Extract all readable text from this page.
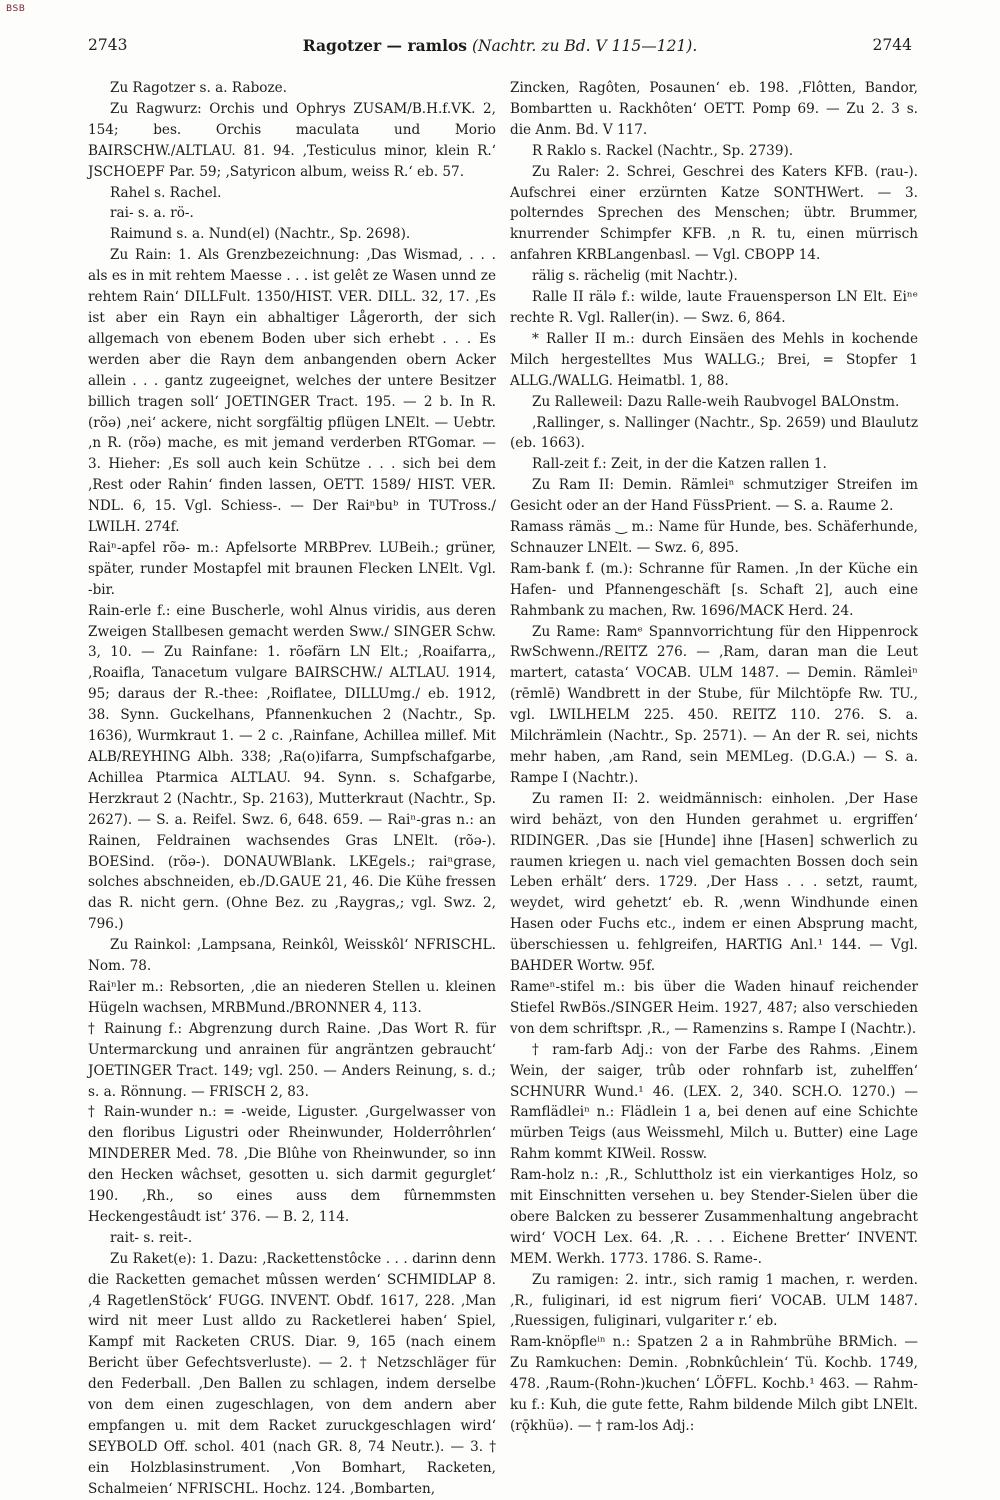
BSB
2743	Ragotzer — ramlos (Nachtr. zu Bd. V 115—121).	2744

Zu Ragotzer s. a. Raboze.

Zu Ragwurz: Orchis und Ophrys ZUSAM/B.H.f.VK. 2, 154; bes. Orchis maculata und Morio BAIRSCHW./ALTLAU. 81. 94. ‚Testiculus minor, klein R.‘ JSCHOEPF Par. 59; ‚Satyricon album, weiss R.‘ eb. 57.

Rahel s. Rachel.

rai- s. a. rö-.

Raimund s. a. Nund(el) (Nachtr., Sp. 2698).

Zu Rain: 1. Als Grenzbezeichnung: ‚Das Wismad, . . . als es in mit rehtem Maesse . . . ist gelêt ze Wasen unnd ze rehtem Rain‘ DILLFult. 1350/HIST. VER. DILL. 32, 17. ‚Es ist aber ein Rayn ein abhaltiger Lågerorth, der sich allgemach von ebenem Boden uber sich erhebt . . . Es werden aber die Rayn dem anbangenden obern Acker allein . . . gantz zugeeignet, welches der untere Besitzer billich tragen soll‘ JOETINGER Tract. 195. — 2 b. In R. (rõə) ‚nei‘ ackere‚ nicht sorgfältig pflügen LNElt. — Uebtr. ‚n R. (rõə) mache‚ es mit jemand verderben RTGomar. — 3. Hieher: ‚Es soll auch kein Schütze . . . sich bei dem ‚Rest oder Rahin‘ finden lassen‚ OETT. 1589/ HIST. VER. NDL. 6, 15. Vgl. Schiess-. — Der Raiⁿbuᵇ in TUTross./ LWILH. 274f.

Raiⁿ-apfel rõə- m.: Apfelsorte MRBPrev. LUBeih.; grüner, später, runder Mostapfel mit braunen Flecken LNElt. Vgl. -bir.

Rain-erle f.: eine Buscherle, wohl Alnus viridis, aus deren Zweigen Stallbesen gemacht werden Sww./ SINGER Schw. 3, 10. — Zu Rainfane: 1. rõəfärn LN Elt.; ‚Roaifarra‚, ‚Roaifla‚ Tanacetum vulgare BAIRSCHW./ ALTLAU. 1914, 95; daraus der R.-thee: ‚Roiflatee‚ DILLUmg./ eb. 1912, 38. Synn. Guckelhans, Pfannenkuchen 2 (Nachtr., Sp. 1636), Wurmkraut 1. — 2 c. ‚Rainfane‚ Achillea millef. Mit ALB/REYHING Albh. 338; ‚Ra(o)ifarra‚ Sumpfschafgarbe, Achillea Ptarmica ALTLAU. 94. Synn. s. Schafgarbe, Herzkraut 2 (Nachtr., Sp. 2163), Mutterkraut (Nachtr., Sp. 2627). — S. a. Reifel. Swz. 6, 648. 659. — Raiⁿ-gras n.: an Rainen, Feldrainen wachsendes Gras LNElt. (rõə-). BOESind. (rõə-). DONAUWBlank. LKEgels.; raiⁿgrase‚ solches abschneiden, eb./D.GAUE 21, 46. Die Kühe fressen das R. nicht gern. (Ohne Bez. zu ‚Raygras‚; vgl. Swz. 2, 796.)

Zu Rainkol: ‚Lampsana, Reinkôl, Weisskôl‘ NFRISCHL. Nom. 78.

Raiⁿler m.: Rebsorten, ‚die an niederen Stellen u. kleinen Hügeln wachsen‚ MRBMund./BRONNER 4, 113.

† Rainung f.: Abgrenzung durch Raine. ‚Das Wort R. für Untermarckung und anrainen für angräntzen gebraucht‘ JOETINGER Tract. 149; vgl. 250. — Anders Reinung, s. d.; s. a. Rönnung. — FRISCH 2, 83.

† Rain-wunder n.: = -weide, Liguster. ‚Gurgelwasser von den floribus Ligustri oder Rheinwunder, Holderrôhrlen‘ MINDERER Med. 78. ‚Die Blûhe von Rheinwunder, so inn den Hecken wâchset, gesotten u. sich darmit gegurglet‘ 190. ‚Rh., so eines auss dem fûrnemmsten Heckengestâudt ist‘ 376. — B. 2, 114.

rait- s. reit-.

Zu Raket(e): 1. Dazu: ‚Rackettenstôcke . . . darinn denn die Racketten gemachet mûssen werden‘ SCHMIDLAP 8. ‚4 RagetlenStöck‘ FUGG. INVENT. Obdf. 1617, 228. ‚Man wird nit meer Lust alldo zu Racketlerei haben‘ Spiel, Kampf mit Racketen CRUS. Diar. 9, 165 (nach einem Bericht über Gefechtsverluste). — 2. † Netzschläger für den Federball. ‚Den Ballen zu schlagen, indem derselbe von dem einen zugeschlagen, von dem andern aber empfangen u. mit dem Racket zuruckgeschlagen wird‘ SEYBOLD Off. schol. 401 (nach GR. 8, 74 Neutr.). — 3. † ein Holzblasinstrument. ‚Von Bomhart, Racketen, Schalmeien‘ NFRISCHL. Hochz. 124. ‚Bombarten,

Zincken, Ragôten, Posaunen‘ eb. 198. ‚Flôtten, Bandor, Bombartten u. Rackhôten‘ OETT. Pomp 69. — Zu 2. 3 s. die Anm. Bd. V 117.

R Raklo s. Rackel (Nachtr., Sp. 2739).

Zu Raler: 2. Schrei, Geschrei des Katers KFB. (rau-). Aufschrei einer erzürnten Katze SONTHWert. — 3. polterndes Sprechen des Menschen; übtr. Brummer, knurrender Schimpfer KFB. ‚n R. tu‚ einen mürrisch anfahren KRBLangenbasl. — Vgl. CBOPP 14.

rälig s. rächelig (mit Nachtr.).

Ralle II rälə f.: wilde, laute Frauensperson LN Elt. Eiⁿᵉ rechte R. Vgl. Raller(in). — Swz. 6, 864.

* Raller II m.: durch Einsäen des Mehls in kochende Milch hergestelltes Mus WALLG.; Brei, = Stopfer 1 ALLG./WALLG. Heimatbl. 1, 88.

Zu Ralleweil: Dazu Ralle-weih Raubvogel BALOnstm.

‚Rallinger‚ s. Nallinger (Nachtr., Sp. 2659) und Blaulutz (eb. 1663).

Rall-zeit f.: Zeit, in der die Katzen rallen 1.

Zu Ram II: Demin. Rämleiⁿ schmutziger Streifen im Gesicht oder an der Hand FüssPrient. — S. a. Raume 2.

Ramass rämäs ‿ m.: Name für Hunde, bes. Schäferhunde, Schnauzer LNElt. — Swz. 6, 895.

Ram-bank f. (m.): Schranne für Ramen. ‚In der Küche ein Hafen- und Pfannengeschäft [s. Schaft 2], auch eine Rahmbank zu machen‚ Rw. 1696/MACK Herd. 24.

Zu Rame: Ramᵉ Spannvorrichtung für den Hippenrock RwSchwenn./REITZ 276. — ‚Ram, daran man die Leut martert, catasta‘ VOCAB. ULM 1487. — Demin. Rämleiⁿ (rēmlē) Wandbrett in der Stube, für Milchtöpfe Rw. TU., vgl. LWILHELM 225. 450. REITZ 110. 276. S. a. Milchrämlein (Nachtr., Sp. 2571). — An der R. sei‚ nichts mehr haben, ‚am Rand‚ sein MEMLeg. (D.G.A.) — S. a. Rampe I (Nachtr.).

Zu ramen II: 2. weidmännisch: einholen. ‚Der Hase wird behäzt, von den Hunden gerahmet u. ergriffen‘ RIDINGER. ‚Das sie [Hunde] ihne [Hasen] schwerlich zu raumen kriegen u. nach viel gemachten Bossen doch sein Leben erhält‘ ders. 1729. ‚Der Hass . . . setzt, raumt, weydet, wird gehetzt‘ eb. R. ‚wenn Windhunde einen Hasen oder Fuchs etc., indem er einen Absprung macht, überschiessen u. fehlgreifen‚ HARTIG Anl.¹ 144. — Vgl. BAHDER Wortw. 95f.

Rameⁿ-stifel m.: bis über die Waden hinauf reichender Stiefel RwBös./SINGER Heim. 1927, 487; also verschieden von dem schriftspr. ‚R.‚ — Ramenzins s. Rampe I (Nachtr.).

† ram-farb Adj.: von der Farbe des Rahms. ‚Einem Wein, der saiger, trûb oder rohnfarb ist, zuhelffen‘ SCHNURR Wund.¹ 46. (LEX. 2, 340. SCH.O. 1270.) — Ramflädleiⁿ n.: Flädlein 1 a, bei denen auf eine Schichte mürben Teigs (aus Weissmehl, Milch u. Butter) eine Lage Rahm kommt KIWeil. Rossw.

Ram-holz n.: ‚R., Schluttholz ist ein vierkantiges Holz, so mit Einschnitten versehen u. bey Stender-Sielen über die obere Balcken zu besserer Zusammenhaltung angebracht wird‘ VOCH Lex. 64. ‚R. . . . Eichene Bretter‘ INVENT. MEM. Werkh. 1773. 1786. S. Rame-.

Zu ramigen: 2. intr., sich ramig 1 machen, r. werden. ‚R., fuliginari, id est nigrum fieri‘ VOCAB. ULM 1487. ‚Ruessigen, fuliginari, vulgariter r.‘ eb.

Ram-knöpfleⁱⁿ n.: Spatzen 2 a in Rahmbrühe BRMich. — Zu Ramkuchen: Demin. ‚Robnkûchlein‘ Tü. Kochb. 1749, 478. ‚Raum-(Rohn-)kuchen‘ LÖFFL. Kochb.¹ 463. — Rahm-ku f.: Kuh, die gute fette, Rahm bildende Milch gibt LNElt. (rǭkhüə). — † ram-los Adj.:
